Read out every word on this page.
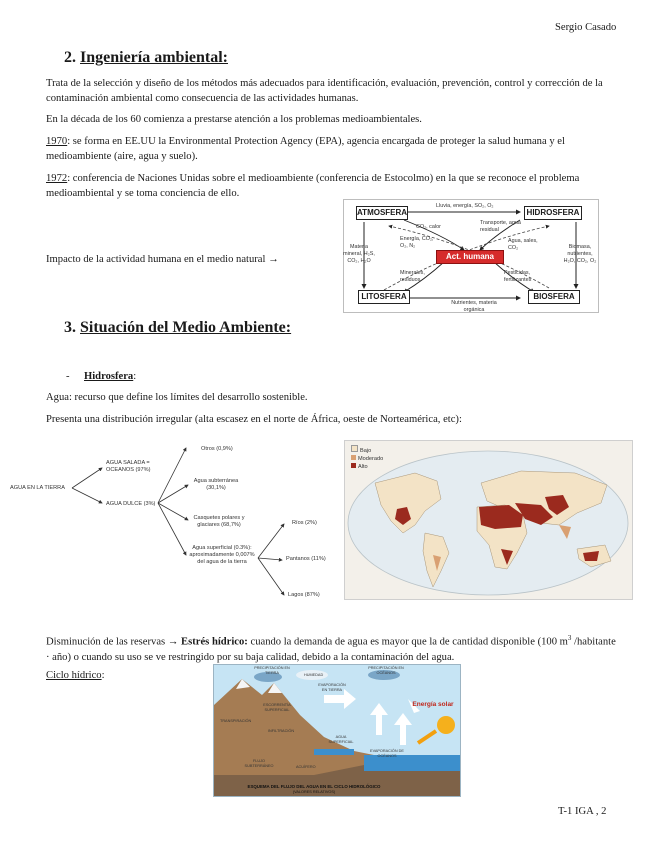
Sergio Casado
2. Ingeniería ambiental:
Trata de la selección y diseño de los métodos más adecuados para identificación, evaluación, prevención, control y corrección de la contaminación ambiental como consecuencia de las actividades humanas.
En la década de los 60 comienza a prestarse atención a los problemas medioambientales.
1970: se forma en EE.UU la Environmental Protection Agency (EPA), agencia encargada de proteger la salud humana y el medioambiente (aire, agua y suelo).
1972: conferencia de Naciones Unidas sobre el medioambiente (conferencia de Estocolmo) en la que se reconoce el problema medioambiental y se toma conciencia de ello.
Impacto de la actividad humana en el medio natural →
ATMOSFERA	HIDROSFERA
LITOSFERA	BIOSFERA
Act. humana
Lluvia, energía, SO₂, O₂
Materia mineral, H₂S, CO₂, H₂O
Biomasa, nutrientes, H₂O, CO₂, O₂
Nutrientes, materia orgánica
CO₂, calor
Transporte, agua residual
Energía, CO₂, O₂, N₂
Agua, sales, CO₂
Minerales, residuos
Pesticidas, fertilizantes
3. Situación del Medio Ambiente:
- Hidrosfera:
Agua: recurso que define los límites del desarrollo sostenible.
Presenta una distribución irregular (alta escasez en el norte de África, oeste de Norteamérica, etc):
AGUA EN LA TIERRA
AGUA SALADA = OCEANOS (97%)
AGUA DULCE (3%)
Otros (0,9%)
Agua subterránea (30,1%)
Casquetes polares y glaciares (68,7%)
Agua superficial (0.3%): aproximadamente 0,007% del agua de la tierra
Ríos (2%)
Pantanos (11%)
Lagos (87%)
Bajo
Moderado
Alto
Disminución de las reservas → Estrés hídrico: cuando la demanda de agua es mayor que la de cantidad disponible (100 $m^3$ /habitante · año) o cuando su uso se ve restringido por su baja calidad, debido a la contaminación del agua.
Ciclo hídrico:
Energía solar
PRECIPITACIÓN EN TIERRA
HUMEDAD
PRECIPITACIÓN EN OCÉANOS
TRANSPIRACIÓN
EVAPORACIÓN DE OCÉANOS
ESCORRENTÍA SUPERFICIAL
INFILTRACIÓN
FLUJO SUBTERRÁNEO
AGUA SUPERFICIAL
EVAPORACIÓN EN TIERRA
ACUÍFERO
ESQUEMA DEL FLUJO DEL AGUA EN EL CICLO HIDROLÓGICO
(VALORES RELATIVOS)
T-1 IGA , 2
